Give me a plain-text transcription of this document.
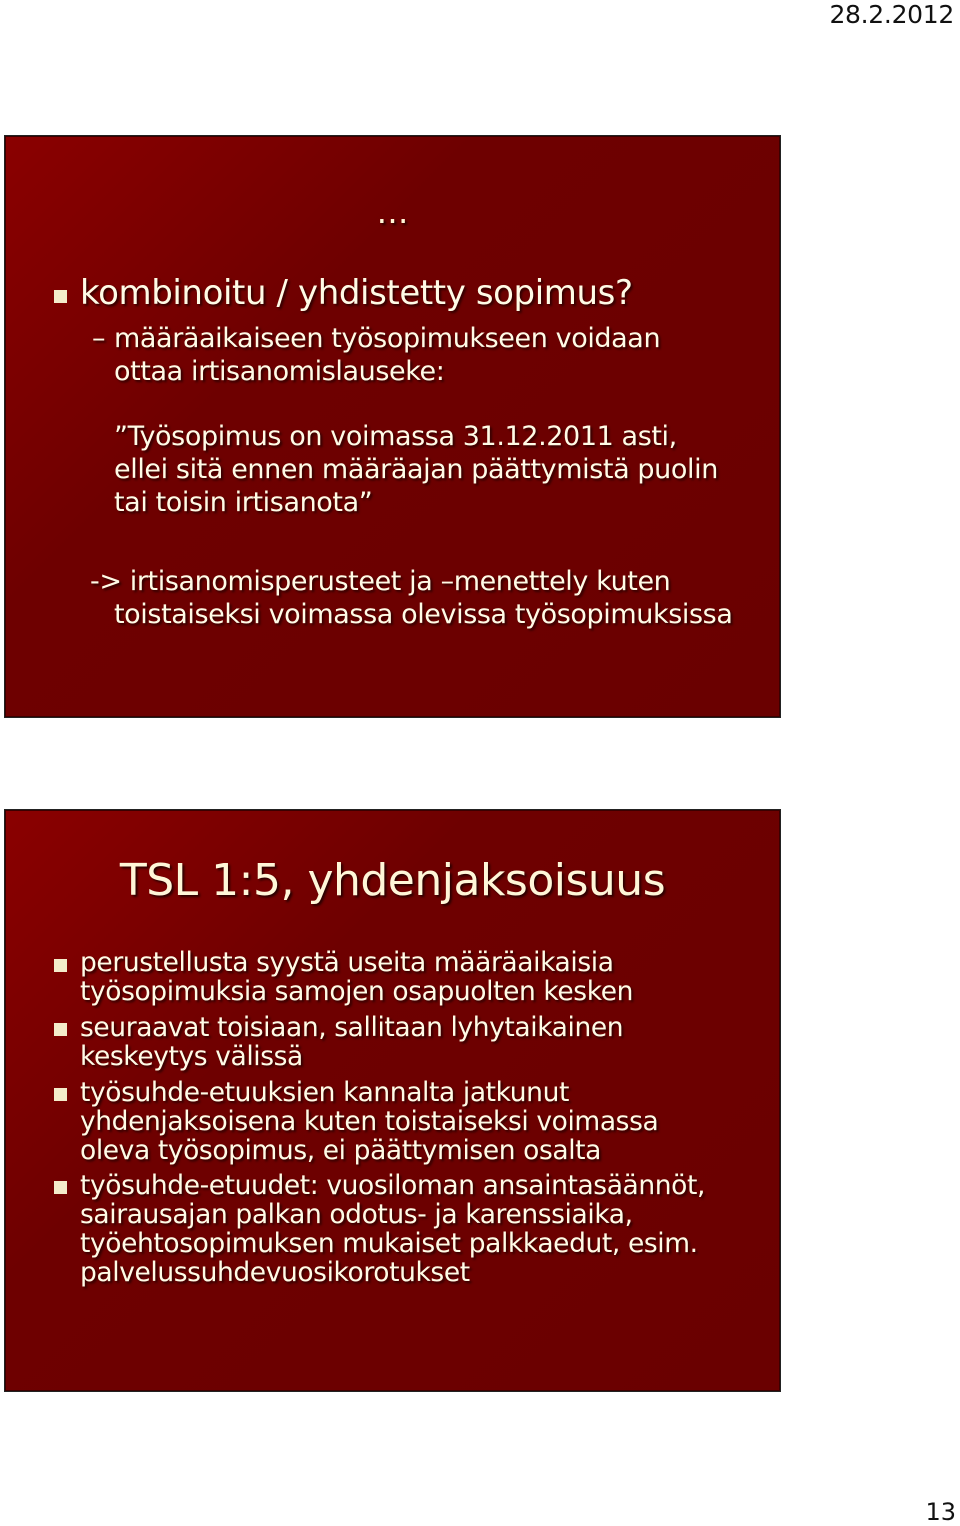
28.2.2012
…
kombinoitu / yhdistetty sopimus?
– määräaikaiseen työsopimukseen voidaan
ottaa irtisanomislauseke:
”Työsopimus on voimassa 31.12.2011 asti,
ellei sitä ennen määräajan päättymistä puolin
tai toisin irtisanota”
-> irtisanomisperusteet ja –menettely kuten
toistaiseksi voimassa olevissa työsopimuksissa
TSL 1:5, yhdenjaksoisuus
perustellusta syystä useita määräaikaisia
työsopimuksia samojen osapuolten kesken
seuraavat toisiaan, sallitaan lyhytaikainen
keskeytys välissä
työsuhde-etuuksien kannalta jatkunut
yhdenjaksoisena kuten toistaiseksi voimassa
oleva työsopimus, ei päättymisen osalta
työsuhde-etuudet: vuosiloman ansaintasäännöt,
sairausajan palkan odotus- ja karenssiaika,
työehtosopimuksen mukaiset palkkaedut, esim.
palvelussuhdevuosikorotukset
13
